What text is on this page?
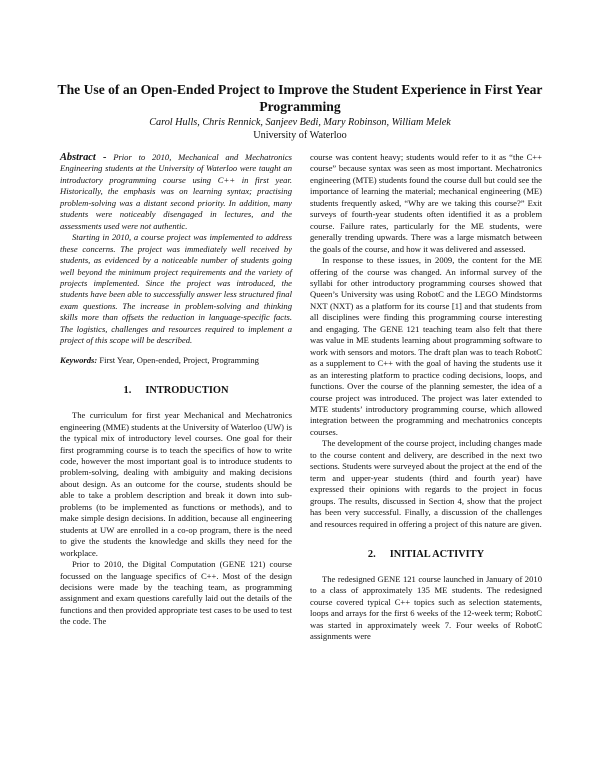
The Use of an Open-Ended Project to Improve the Student Experience in First Year Programming
Carol Hulls, Chris Rennick, Sanjeev Bedi, Mary Robinson, William Melek
University of Waterloo

Abstract - Prior to 2010, Mechanical and Mechatronics Engineering students at the University of Waterloo were taught an introductory programming course using C++ in first year. Historically, the emphasis was on learning syntax; practising problem-solving was a distant second priority. In addition, many students were noticeably disengaged in lectures, and the assessments used were not authentic.

Starting in 2010, a course project was implemented to address these concerns. The project was immediately well received by students, as evidenced by a noticeable number of students going well beyond the minimum project requirements and the variety of projects implemented. Since the project was introduced, the students have been able to successfully answer less structured final exam questions. The increase in problem-solving and thinking skills more than offsets the reduction in language-specific facts. The logistics, challenges and resources required to implement a project of this scope will be described.

Keywords: First Year, Open-ended, Project, Programming

1. INTRODUCTION

The curriculum for first year Mechanical and Mechatronics engineering (MME) students at the University of Waterloo (UW) is the typical mix of introductory level courses. One goal for their first programming course is to teach the specifics of how to write code, however the most important goal is to introduce students to problem-solving, dealing with ambiguity and making decisions about design. As an outcome for the course, students should be able to take a problem description and break it down into sub-problems (to be implemented as functions or methods), and to make simple design decisions. In addition, because all engineering students at UW are enrolled in a co-op program, there is the need to give the students the knowledge and skills they need for the workplace.

Prior to 2010, the Digital Computation (GENE 121) course focussed on the language specifics of C++. Most of the design decisions were made by the teaching team, as programming assignment and exam questions carefully laid out the details of the functions and then provided appropriate test cases to be used to test the code. The

course was content heavy; students would refer to it as “the C++ course” because syntax was seen as most important. Mechatronics engineering (MTE) students found the course dull but could see the importance of learning the material; mechanical engineering (ME) students frequently asked, “Why are we taking this course?” Exit surveys of fourth-year students often identified it as a problem course. Failure rates, particularly for the ME students, were generally trending upwards. There was a large mismatch between the goals of the course, and how it was delivered and assessed.

In response to these issues, in 2009, the content for the ME offering of the course was changed. An informal survey of the syllabi for other introductory programming courses showed that Queen’s University was using RobotC and the LEGO Mindstorms NXT (NXT) as a platform for its course [1] and that students from all disciplines were finding this programming course interesting and engaging. The GENE 121 teaching team also felt that there was value in ME students learning about programming software to work with sensors and motors. The draft plan was to teach RobotC as a supplement to C++ with the goal of having the students use it as an interesting platform to practice coding decisions, loops, and functions. Over the course of the planning semester, the idea of a course project was introduced. The project was later extended to MTE students’ introductory programming course, which allowed integration between the programming and mechatronics concepts courses.

The development of the course project, including changes made to the course content and delivery, are described in the next two sections. Students were surveyed about the project at the end of the term and upper-year students (third and fourth year) have expressed their opinions with regards to the project in focus groups. The results, discussed in Section 4, show that the project has been very successful. Finally, a discussion of the challenges and resources required in offering a project of this nature are given.

2. INITIAL ACTIVITY

The redesigned GENE 121 course launched in January of 2010 to a class of approximately 135 ME students. The redesigned course covered typical C++ topics such as selection statements, loops and arrays for the first 6 weeks of the 12-week term; RobotC was started in approximately week 7. Four weeks of RobotC assignments were
